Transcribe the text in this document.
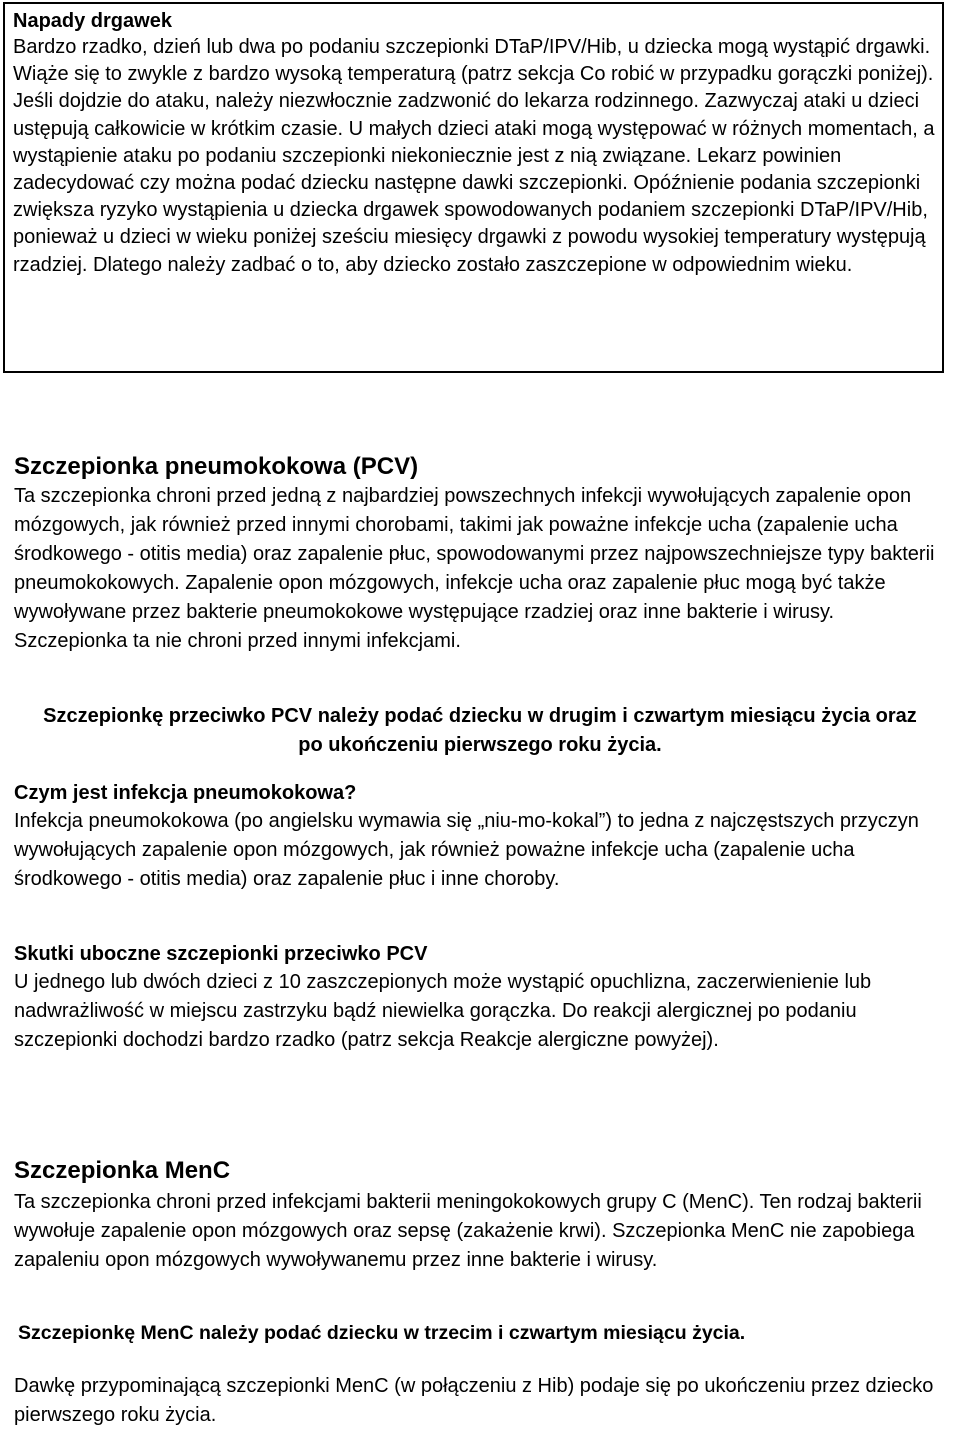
Napady drgawek

Bardzo rzadko, dzień lub dwa po podaniu szczepionki DTaP/IPV/Hib, u dziecka mogą wystąpić drgawki. Wiąże się to zwykle z bardzo wysoką temperaturą (patrz sekcja Co robić w przypadku gorączki poniżej). Jeśli dojdzie do ataku, należy niezwłocznie zadzwonić do lekarza rodzinnego. Zazwyczaj ataki u dzieci ustępują całkowicie w krótkim czasie. U małych dzieci ataki mogą występować w różnych momentach, a wystąpienie ataku po podaniu szczepionki niekoniecznie jest z nią związane. Lekarz powinien zadecydować czy można podać dziecku następne dawki szczepionki. Opóźnienie podania szczepionki zwiększa ryzyko wystąpienia u dziecka drgawek spowodowanych podaniem szczepionki DTaP/IPV/Hib, ponieważ u dzieci w wieku poniżej sześciu miesięcy drgawki z powodu wysokiej temperatury występują rzadziej. Dlatego należy zadbać o to, aby dziecko zostało zaszczepione w odpowiednim wieku.

Szczepionka pneumokokowa (PCV)

Ta szczepionka chroni przed jedną z najbardziej powszechnych infekcji wywołujących zapalenie opon mózgowych, jak również przed innymi chorobami, takimi jak poważne infekcje ucha (zapalenie ucha środkowego - otitis media) oraz zapalenie płuc, spowodowanymi przez najpowszechniejsze typy bakterii pneumokokowych. Zapalenie opon mózgowych, infekcje ucha oraz zapalenie płuc mogą być także wywoływane przez bakterie pneumokokowe występujące rzadziej oraz inne bakterie i wirusy. Szczepionka ta nie chroni przed innymi infekcjami.

Szczepionkę przeciwko PCV należy podać dziecku w drugim i czwartym miesiącu życia oraz po ukończeniu pierwszego roku życia.

Czym jest infekcja pneumokokowa?

Infekcja pneumokokowa (po angielsku wymawia się „niu-mo-kokal”) to jedna z najczęstszych przyczyn wywołujących zapalenie opon mózgowych, jak również poważne infekcje ucha (zapalenie ucha środkowego - otitis media) oraz zapalenie płuc i inne choroby.

Skutki uboczne szczepionki przeciwko PCV

U jednego lub dwóch dzieci z 10 zaszczepionych może wystąpić opuchlizna, zaczerwienienie lub nadwrażliwość w miejscu zastrzyku bądź niewielka gorączka. Do reakcji alergicznej po podaniu szczepionki dochodzi bardzo rzadko (patrz sekcja Reakcje alergiczne powyżej).

Szczepionka MenC

Ta szczepionka chroni przed infekcjami bakterii meningokokowych grupy C (MenC). Ten rodzaj bakterii wywołuje zapalenie opon mózgowych oraz sepsę (zakażenie krwi). Szczepionka MenC nie zapobiega zapaleniu opon mózgowych wywoływanemu przez inne bakterie i wirusy.

Szczepionkę MenC należy podać dziecku w trzecim i czwartym miesiącu życia.

Dawkę przypominającą szczepionki MenC (w połączeniu z Hib) podaje się po ukończeniu przez dziecko pierwszego roku życia.
